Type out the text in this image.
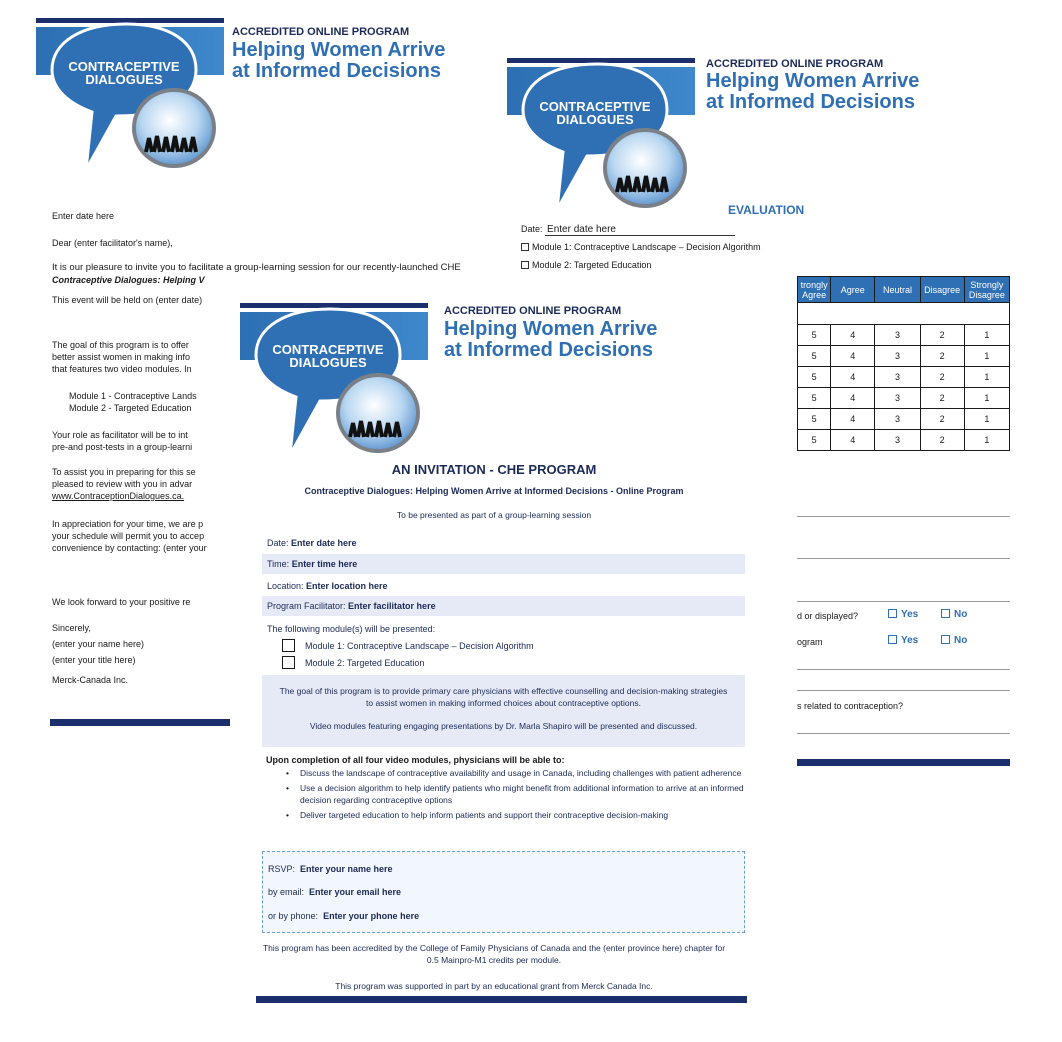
CONTRACEPTIVE
DIALOGUES
ACCREDITED ONLINE PROGRAM
Helping Women Arrive
at Informed Decisions
Enter date here
Dear (enter facilitator's name),
It is our pleasure to invite you to facilitate a group-learning session for our recently-launched CHE
Contraceptive Dialogues: Helping V
This event will be held on (enter date)
The goal of this program is to offer
better assist women in making info
that features two video modules. In
Module 1 - Contraceptive Lands
Module 2 - Targeted Education
Your role as facilitator will be to int
pre-and post-tests in a group-learni
To assist you in preparing for this se
pleased to review with you in advar
www.ContraceptionDialogues.ca.
In appreciation for your time, we are p
your schedule will permit you to accep
convenience by contacting: (enter your
We look forward to your positive re
Sincerely,
(enter your name here)
(enter your title here)
Merck-Canada Inc.
CONTRACEPTIVE
DIALOGUES
ACCREDITED ONLINE PROGRAM
Helping Women Arrive
at Informed Decisions
EVALUATION
Date: Enter date here
Module 1: Contraceptive Landscape – Decision Algorithm
Module 2: Targeted Education
trongly Agree	Agree	Neutral	Disagree	Strongly Disagree

5	4	3	2	1
5	4	3	2	1
5	4	3	2	1
5	4	3	2	1
5	4	3	2	1
5	4	3	2	1
d or displayed?	Yes	No
ogram	Yes	No
s related to contraception?
CONTRACEPTIVE
DIALOGUES
ACCREDITED ONLINE PROGRAM
Helping Women Arrive
at Informed Decisions
AN INVITATION - CHE PROGRAM
Contraceptive Dialogues: Helping Women Arrive at Informed Decisions - Online Program
To be presented as part of a group-learning session
Date: Enter date here
Time: Enter time here
Location: Enter location here
Program Facilitator: Enter facilitator here
The following module(s) will be presented:
Module 1: Contraceptive Landscape – Decision Algorithm
Module 2: Targeted Education

The goal of this program is to provide primary care physicians with effective counselling and decision-making strategies to assist women in making informed choices about contraceptive options.

Video modules featuring engaging presentations by Dr. Marla Shapiro will be presented and discussed.

Upon completion of all four video modules, physicians will be able to:
• Discuss the landscape of contraceptive availability and usage in Canada, including challenges with patient adherence
• Use a decision algorithm to help identify patients who might benefit from additional information to arrive at an informed decision regarding contraceptive options
• Deliver targeted education to help inform patients and support their contraceptive decision-making
RSVP: Enter your name here
by email: Enter your email here
or by phone: Enter your phone here
This program has been accredited by the College of Family Physicians of Canada and the (enter province here) chapter for 0.5 Mainpro-M1 credits per module.
This program was supported in part by an educational grant from Merck Canada Inc.
